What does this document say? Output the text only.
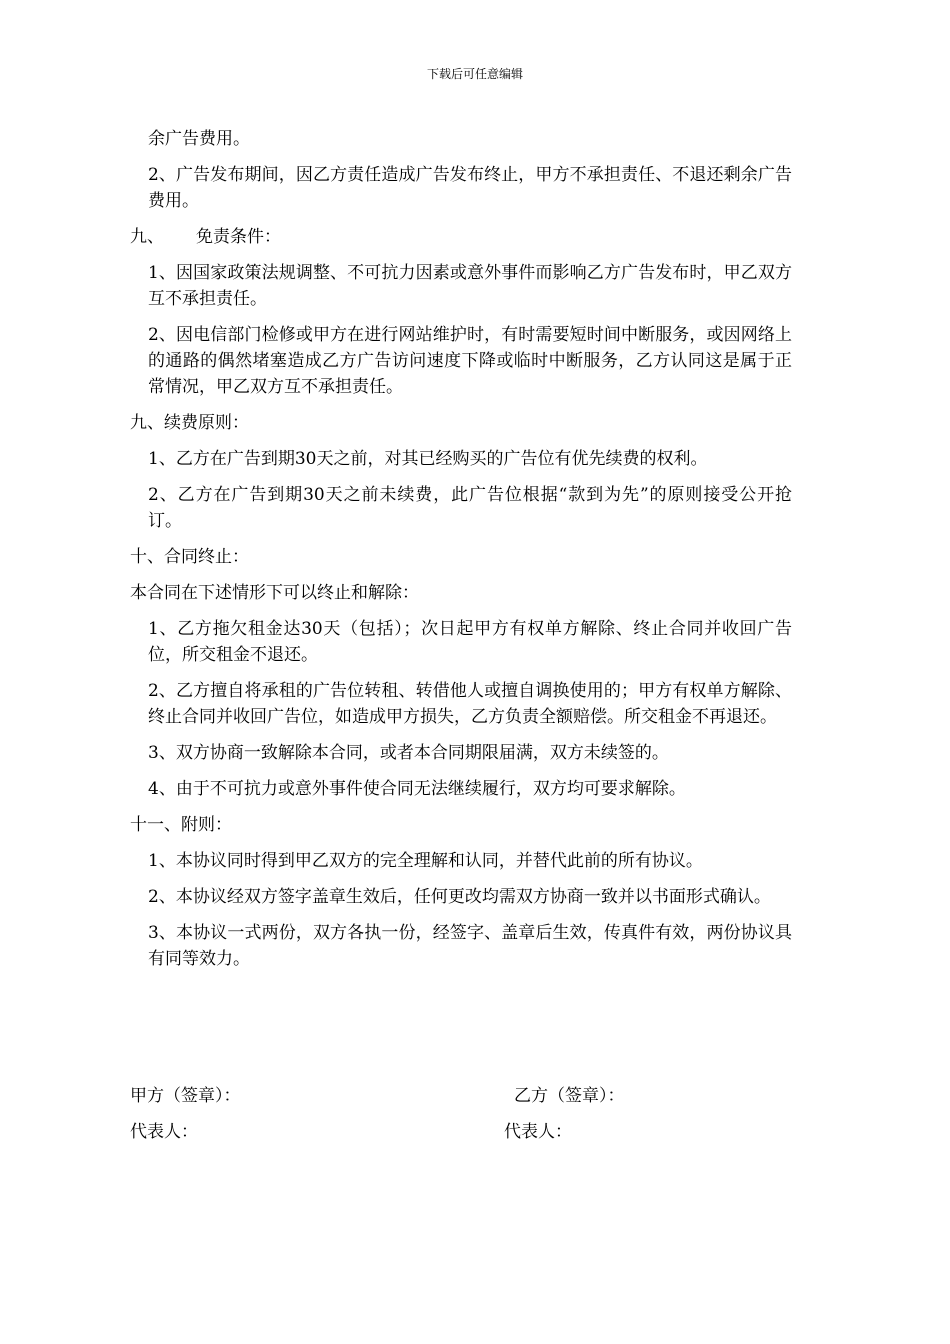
下载后可任意编辑

余广告费用。

2、广告发布期间，因乙方责任造成广告发布终止，甲方不承担责任、不退还剩余广告费用。

九、 免责条件：

1、因国家政策法规调整、不可抗力因素或意外事件而影响乙方广告发布时，甲乙双方互不承担责任。

2、因电信部门检修或甲方在进行网站维护时，有时需要短时间中断服务，或因网络上的通路的偶然堵塞造成乙方广告访问速度下降或临时中断服务，乙方认同这是属于正常情况，甲乙双方互不承担责任。

九、续费原则：

1、乙方在广告到期30天之前，对其已经购买的广告位有优先续费的权利。

2、乙方在广告到期30天之前未续费，此广告位根据“款到为先”的原则接受公开抢订。

十、合同终止：

本合同在下述情形下可以终止和解除：

1、乙方拖欠租金达30天（包括）；次日起甲方有权单方解除、终止合同并收回广告位，所交租金不退还。

2、乙方擅自将承租的广告位转租、转借他人或擅自调换使用的；甲方有权单方解除、终止合同并收回广告位，如造成甲方损失，乙方负责全额赔偿。所交租金不再退还。

3、双方协商一致解除本合同，或者本合同期限届满，双方未续签的。

4、由于不可抗力或意外事件使合同无法继续履行，双方均可要求解除。

十一、附则：

1、本协议同时得到甲乙双方的完全理解和认同，并替代此前的所有协议。

2、本协议经双方签字盖章生效后，任何更改均需双方协商一致并以书面形式确认。

3、本协议一式两份，双方各执一份，经签字、盖章后生效，传真件有效，两份协议具有同等效力。

甲方（签章）：	乙方（签章）：
代表人：	代表人：
